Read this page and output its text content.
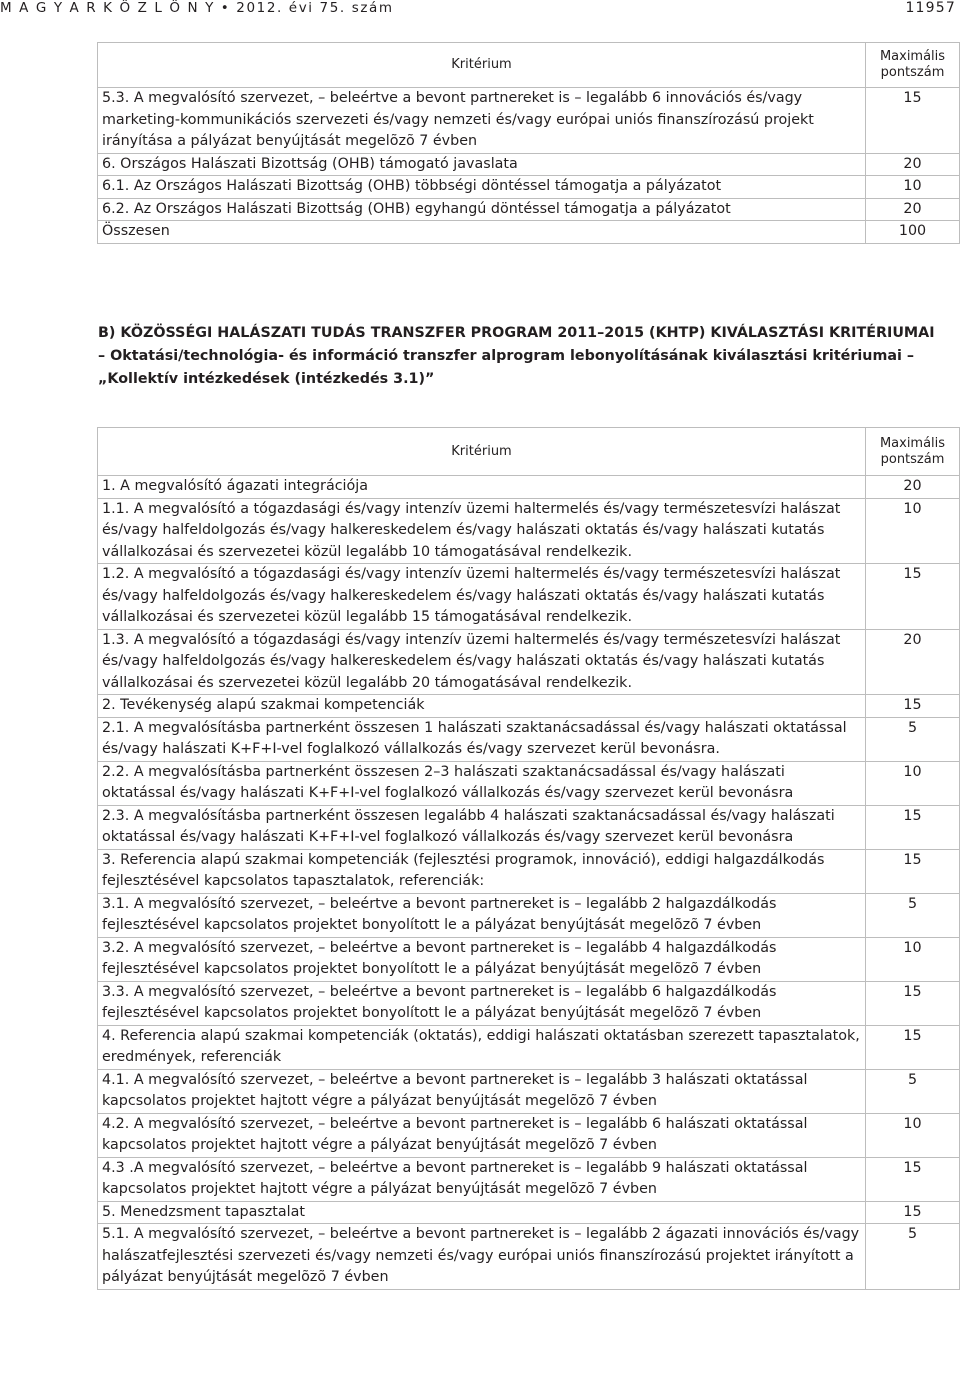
M A G Y A R K Ö Z L Ö N Y • 2012. évi 75. szám	11957
Kritérium	Maximális pontszám
5.3. A megvalósító szervezet, – beleértve a bevont partnereket is – legalább 6 innovációs és/vagy marketing-kommunikációs szervezeti és/vagy nemzeti és/vagy európai uniós finanszírozású projekt irányítása a pályázat benyújtását megelõzõ 7 évben	15
6. Országos Halászati Bizottság (OHB) támogató javaslata	20
6.1. Az Országos Halászati Bizottság (OHB) többségi döntéssel támogatja a pályázatot	10
6.2. Az Országos Halászati Bizottság (OHB) egyhangú döntéssel támogatja a pályázatot	20
Összesen	100
B) KÖZÖSSÉGI HALÁSZATI TUDÁS TRANSZFER PROGRAM 2011–2015 (KHTP) KIVÁLASZTÁSI KRITÉRIUMAI
– Oktatási/technológia- és információ transzfer alprogram lebonyolításának kiválasztási kritériumai –
„Kollektív intézkedések (intézkedés 3.1)”
Kritérium	Maximális pontszám
1. A megvalósító ágazati integrációja	20
1.1. A megvalósító a tógazdasági és/vagy intenzív üzemi haltermelés és/vagy természetesvízi halászat és/vagy halfeldolgozás és/vagy halkereskedelem és/vagy halászati oktatás és/vagy halászati kutatás vállalkozásai és szervezetei közül legalább 10 támogatásával rendelkezik.	10
1.2. A megvalósító a tógazdasági és/vagy intenzív üzemi haltermelés és/vagy természetesvízi halászat és/vagy halfeldolgozás és/vagy halkereskedelem és/vagy halászati oktatás és/vagy halászati kutatás vállalkozásai és szervezetei közül legalább 15 támogatásával rendelkezik.	15
1.3. A megvalósító a tógazdasági és/vagy intenzív üzemi haltermelés és/vagy természetesvízi halászat és/vagy halfeldolgozás és/vagy halkereskedelem és/vagy halászati oktatás és/vagy halászati kutatás vállalkozásai és szervezetei közül legalább 20 támogatásával rendelkezik.	20
2. Tevékenység alapú szakmai kompetenciák	15
2.1. A megvalósításba partnerként összesen 1 halászati szaktanácsadással és/vagy halászati oktatással és/vagy halászati K+F+I-vel foglalkozó vállalkozás és/vagy szervezet kerül bevonásra.	5
2.2. A megvalósításba partnerként összesen 2–3 halászati szaktanácsadással és/vagy halászati oktatással és/vagy halászati K+F+I-vel foglalkozó vállalkozás és/vagy szervezet kerül bevonásra	10
2.3. A megvalósításba partnerként összesen legalább 4 halászati szaktanácsadással és/vagy halászati oktatással és/vagy halászati K+F+I-vel foglalkozó vállalkozás és/vagy szervezet kerül bevonásra	15
3. Referencia alapú szakmai kompetenciák (fejlesztési programok, innováció), eddigi halgazdálkodás fejlesztésével kapcsolatos tapasztalatok, referenciák:	15
3.1. A megvalósító szervezet, – beleértve a bevont partnereket is – legalább 2 halgazdálkodás fejlesztésével kapcsolatos projektet bonyolított le a pályázat benyújtását megelõzõ 7 évben	5
3.2. A megvalósító szervezet, – beleértve a bevont partnereket is – legalább 4 halgazdálkodás fejlesztésével kapcsolatos projektet bonyolított le a pályázat benyújtását megelõzõ 7 évben	10
3.3. A megvalósító szervezet, – beleértve a bevont partnereket is – legalább 6 halgazdálkodás fejlesztésével kapcsolatos projektet bonyolított le a pályázat benyújtását megelõzõ 7 évben	15
4. Referencia alapú szakmai kompetenciák (oktatás), eddigi halászati oktatásban szerezett tapasztalatok, eredmények, referenciák	15
4.1. A megvalósító szervezet, – beleértve a bevont partnereket is – legalább 3 halászati oktatással kapcsolatos projektet hajtott végre a pályázat benyújtását megelõzõ 7 évben	5
4.2. A megvalósító szervezet, – beleértve a bevont partnereket is – legalább 6 halászati oktatással kapcsolatos projektet hajtott végre a pályázat benyújtását megelõzõ 7 évben	10
4.3 .A megvalósító szervezet, – beleértve a bevont partnereket is – legalább 9 halászati oktatással kapcsolatos projektet hajtott végre a pályázat benyújtását megelõzõ 7 évben	15
5. Menedzsment tapasztalat	15
5.1. A megvalósító szervezet, – beleértve a bevont partnereket is – legalább 2 ágazati innovációs és/vagy halászatfejlesztési szervezeti és/vagy nemzeti és/vagy európai uniós finanszírozású projektet irányított a pályázat benyújtását megelõzõ 7 évben	5
